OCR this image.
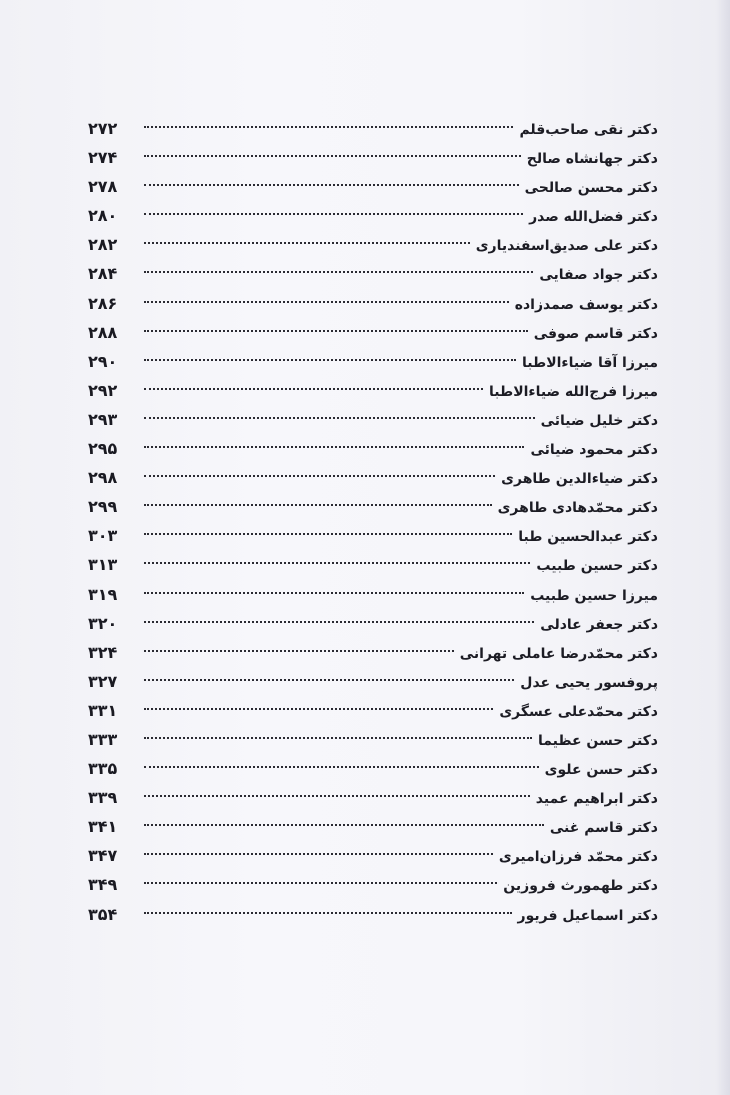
دکتر نقی صاحب‌قلم
۲۷۲
دکتر جهانشاه صالح
۲۷۴
دکتر محسن صالحی
۲۷۸
دکتر فضل‌الله صدر
۲۸۰
دکتر علی صدیق‌اسفندیاری
۲۸۲
دکتر جواد صفایی
۲۸۴
دکتر یوسف صمدزاده
۲۸۶
دکتر قاسم صوفی
۲۸۸
میرزا آقا ضیاءالاطبا
۲۹۰
میرزا فرج‌الله ضیاءالاطبا
۲۹۲
دکتر خلیل ضیائی
۲۹۳
دکتر محمود ضیائی
۲۹۵
دکتر ضیاءالدین طاهری
۲۹۸
دکتر محمّدهادی طاهری
۲۹۹
دکتر عبدالحسین طبا
۳۰۳
دکتر حسین طبیب
۳۱۳
میرزا حسین طبیب
۳۱۹
دکتر جعفر عادلی
۳۲۰
دکتر محمّدرضا عاملی تهرانی
۳۲۴
پروفسور یحیی عدل
۳۲۷
دکتر محمّدعلی عسگری
۳۳۱
دکتر حسن عظیما
۳۳۳
دکتر حسن علوی
۳۳۵
دکتر ابراهیم عمید
۳۳۹
دکتر قاسم غنی
۳۴۱
دکتر محمّد فرزان‌امیری
۳۴۷
دکتر طهمورث فروزین
۳۴۹
دکتر اسماعیل فریور
۳۵۴
